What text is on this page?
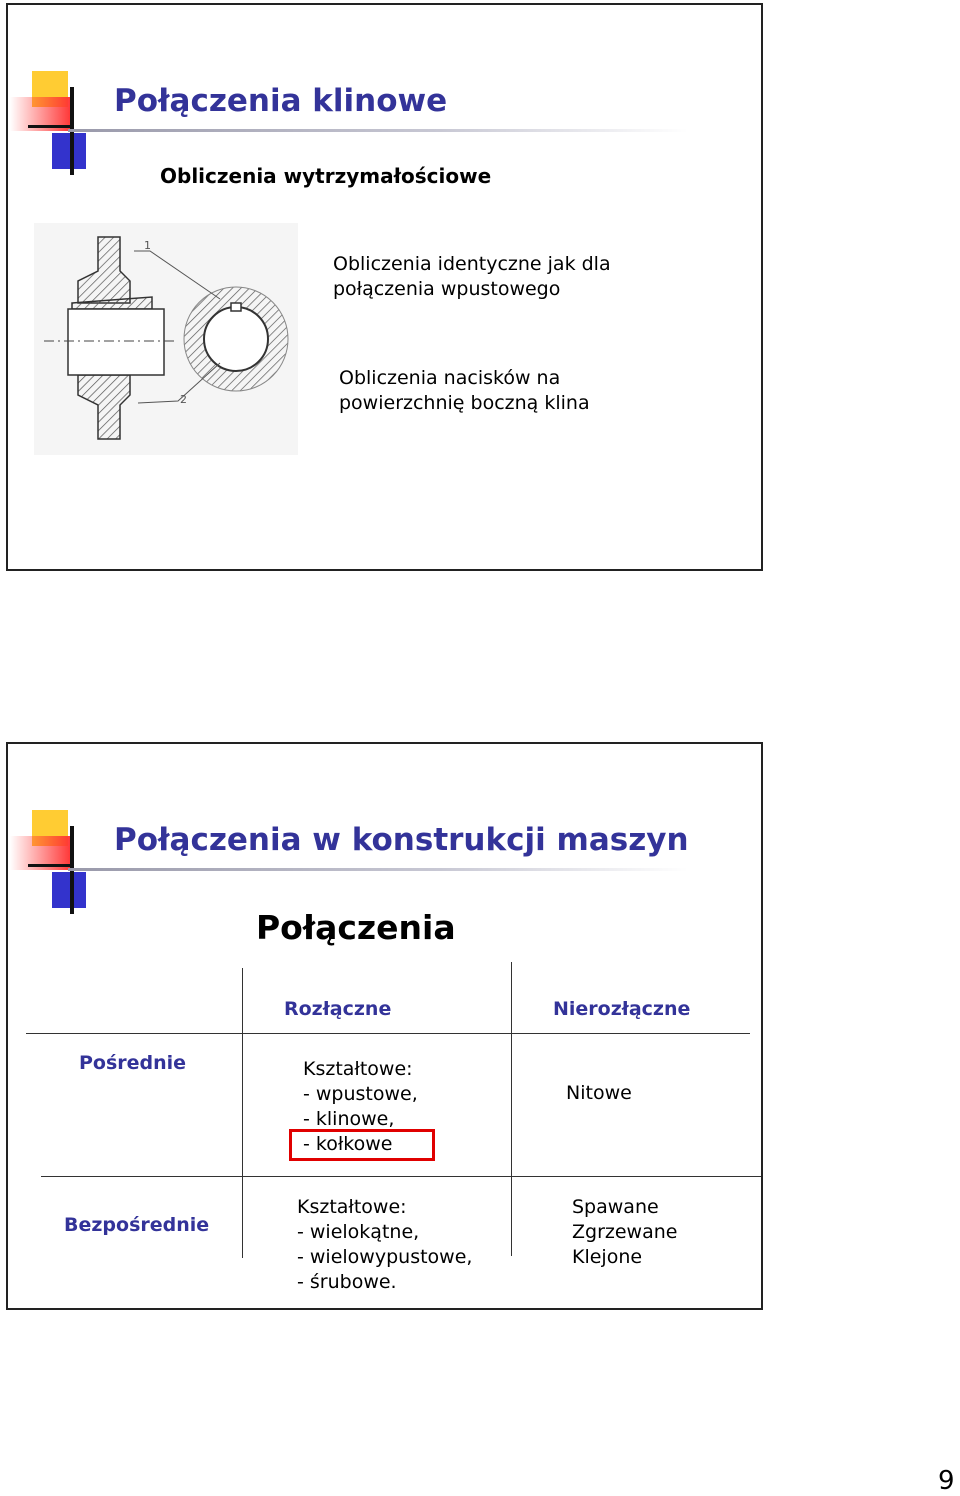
Połączenia klinowe
Obliczenia wytrzymałościowe
1
2
Obliczenia identyczne jak dla
połączenia wpustowego
Obliczenia nacisków na
powierzchnię boczną klina
Połączenia w konstrukcji maszyn
Połączenia
Rozłączne	Nierozłączne
Pośrednie
Bezpośrednie
Kształtowe:
- wpustowe,
- klinowe,
- kołkowe
Nitowe
Kształtowe:
- wielokątne,
- wielowypustowe,
- śrubowe.
Spawane
Zgrzewane
Klejone
9
